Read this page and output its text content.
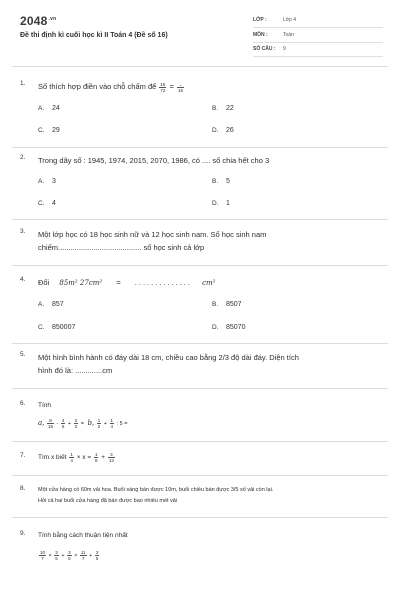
$2048^{.vn}$
Đề thi định kì cuối học kì II Toán 4 (Đề số 16)
LỚP :	Lớp 4
MÔN :	Toán
SỐ CÂU : 9
1. Số thích hợp điền vào chỗ chấm để $\frac{15}{72}$ =	...
16
A. 24	B. 22
C. 29	D. 26
2. Trong dãy số : 1945, 1974, 2015, 2070, 1986, có .... số chia hết cho 3
A. 3	B. 5
C. 4	D. 1
3. Một lớp học có 18 học sinh nữ và 12 học sinh nam. Số học sinh nam
chiếm........................................ số học sinh cả lớp
4. Đổi 85m² 27cm² = .............. cm²
A. 857	B. 8507
C. 850007	D. 85070
5. Một hình bình hành có đáy dài 18 cm, chiều cao bằng 2/3 độ dài đáy. Diện tích
hình đó là: .............cm
6. Tính
a, $\frac{8}{15} - \frac{4}{5} + \frac{2}{3} = b$, $\frac{1}{2} + \frac{1}{4}$ : 5 =
7. Tìm x biết $\frac{1}{4} \times x = \frac{1}{8} + \frac{3}{13}$
8. Một cửa hàng có 60m vải hoa. Buổi sáng bán được 10m, buổi chiều bán được 3/5 số vải còn lại.
Hỏi cả hai buổi cửa hàng đã bán được bao nhiêu mét vải
9. Tính bằng cách thuận tiện nhất
$\frac{10}{7} \times \frac{3}{5} + \frac{3}{5} \times \frac{11}{7} + \frac{3}{5}$
